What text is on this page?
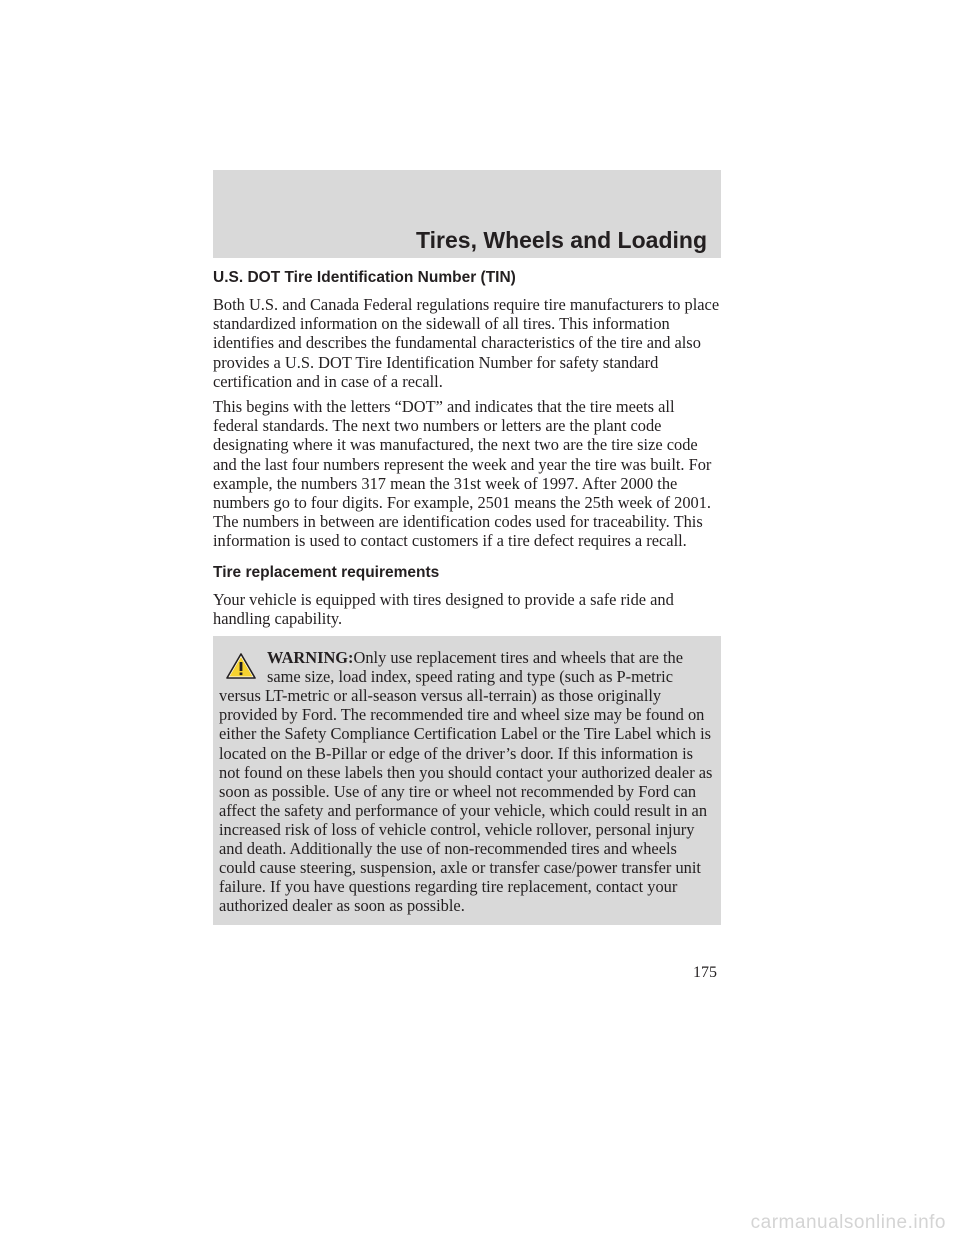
Tires, Wheels and Loading
U.S. DOT Tire Identification Number (TIN)

Both U.S. and Canada Federal regulations require tire manufacturers to place standardized information on the sidewall of all tires. This information identifies and describes the fundamental characteristics of the tire and also provides a U.S. DOT Tire Identification Number for safety standard certification and in case of a recall.

This begins with the letters “DOT” and indicates that the tire meets all federal standards. The next two numbers or letters are the plant code designating where it was manufactured, the next two are the tire size code and the last four numbers represent the week and year the tire was built. For example, the numbers 317 mean the 31st week of 1997. After 2000 the numbers go to four digits. For example, 2501 means the 25th week of 2001. The numbers in between are identification codes used for traceability. This information is used to contact customers if a tire defect requires a recall.

Tire replacement requirements

Your vehicle is equipped with tires designed to provide a safe ride and handling capability.

WARNING:Only use replacement tires and wheels that are the same size, load index, speed rating and type (such as P-metric versus LT-metric or all-season versus all-terrain) as those originally provided by Ford. The recommended tire and wheel size may be found on either the Safety Compliance Certification Label or the Tire Label which is located on the B-Pillar or edge of the driver’s door. If this information is not found on these labels then you should contact your authorized dealer as soon as possible. Use of any tire or wheel not recommended by Ford can affect the safety and performance of your vehicle, which could result in an increased risk of loss of vehicle control, vehicle rollover, personal injury and death. Additionally the use of non-recommended tires and wheels could cause steering, suspension, axle or transfer case/power transfer unit failure. If you have questions regarding tire replacement, contact your authorized dealer as soon as possible.

175
carmanualsonline.info
